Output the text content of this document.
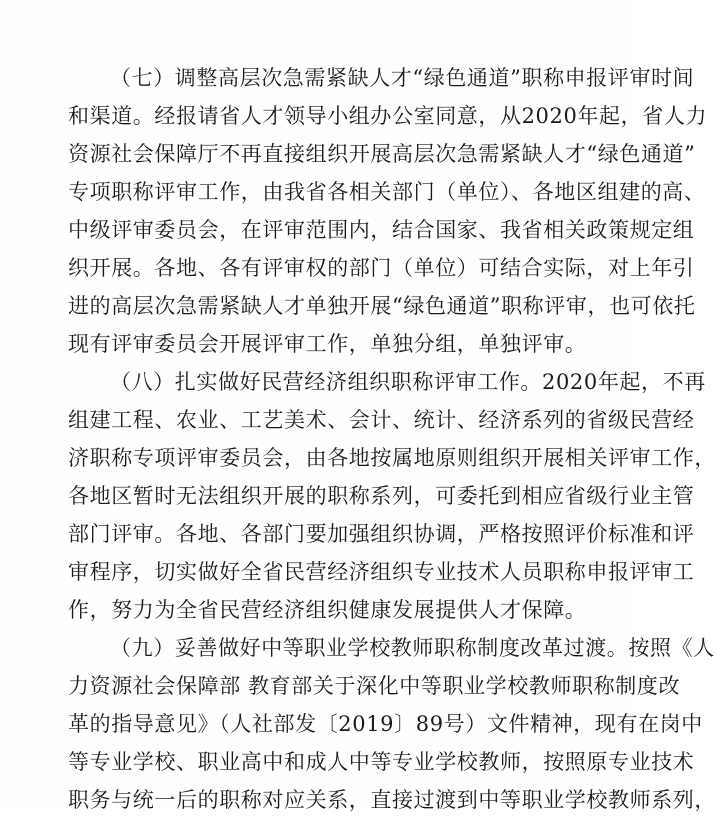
（七）调整高层次急需紧缺人才“绿色通道”职称申报评审时间
和渠道。经报请省人才领导小组办公室同意，从2020年起，省人力
资源社会保障厅不再直接组织开展高层次急需紧缺人才“绿色通道”
专项职称评审工作，由我省各相关部门（单位）、各地区组建的高、
中级评审委员会，在评审范围内，结合国家、我省相关政策规定组
织开展。各地、各有评审权的部门（单位）可结合实际，对上年引
进的高层次急需紧缺人才单独开展“绿色通道”职称评审，也可依托
现有评审委员会开展评审工作，单独分组，单独评审。
（八）扎实做好民营经济组织职称评审工作。2020年起，不再
组建工程、农业、工艺美术、会计、统计、经济系列的省级民营经
济职称专项评审委员会，由各地按属地原则组织开展相关评审工作，
各地区暂时无法组织开展的职称系列，可委托到相应省级行业主管
部门评审。各地、各部门要加强组织协调，严格按照评价标准和评
审程序，切实做好全省民营经济组织专业技术人员职称申报评审工
作，努力为全省民营经济组织健康发展提供人才保障。
（九）妥善做好中等职业学校教师职称制度改革过渡。按照《人
力资源社会保障部 教育部关于深化中等职业学校教师职称制度改
革的指导意见》（人社部发〔2019〕89号）文件精神，现有在岗中
等专业学校、职业高中和成人中等专业学校教师，按照原专业技术
职务与统一后的职称对应关系，直接过渡到中等职业学校教师系列，
